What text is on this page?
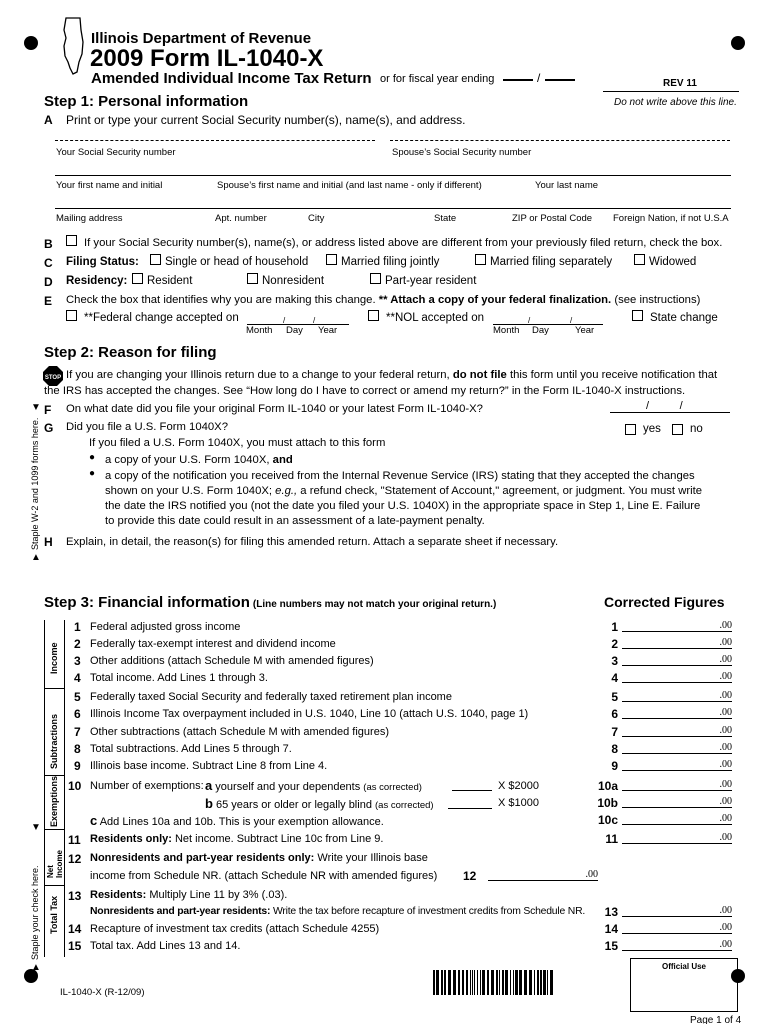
Illinois Department of Revenue
2009 Form IL-1040-X
Amended Individual Income Tax Return or for fiscal year ending	/	REV 11
Do not write above this line.
Step 1: Personal information
A Print or type your current Social Security number(s), name(s), and address.
Your Social Security number	Spouse’s Social Security number
Your first name and initial	Spouse’s first name and initial (and last name - only if different)	Your last name
Mailing address	Apt. number	City	State	ZIP or Postal Code Foreign Nation, if not U.S.A
B	If your Social Security number(s), name(s), or address listed above are different from your previously filed return, check the box.
C Filing Status: Single or head of household	Married filing jointly	Married filing separately	Widowed
D Residency: Resident	Nonresident	Part-year resident
E Check the box that identifies why you are making this change. ** Attach a copy of your federal finalization. (see instructions)
**Federal change accepted on	/	/
Month Day Year
**NOL accepted on	/	/
Month Day	Year
State change
Step 2: Reason for filing
STOP If you are changing your Illinois return due to a change to your federal return, do not file this form until you receive notification that
the IRS has accepted the changes. See “How long do I have to correct or amend my return?” in the Form IL-1040-X instructions.
▼
Staple W-2 and 1099 forms here.
▲
F On what date did you file your original Form IL-1040 or your latest Form IL-1040-X?	/          /
G Did you file a U.S. Form 1040X?	yes	no
If you filed a U.S. Form 1040X, you must attach to this form
● a copy of your U.S. Form 1040X, and
● a copy of the notification you received from the Internal Revenue Service (IRS) stating that they accepted the changes
shown on your U.S. Form 1040X; e.g., a refund check, "Statement of Account," agreement, or judgment. You must write
the date the IRS notified you (not the date you filed your U.S. 1040X) in the appropriate space in Step 1, Line E. Failure
to provide this date could result in an assessment of a late-payment penalty.
H Explain, in detail, the reason(s) for filing this amended return. Attach a separate sheet if necessary.
Step 3: Financial information (Line numbers may not match your original return.)	Corrected Figures
Income
Subtractions
Exemptions
Net Income
Total Tax
▼
Staple your check here.
▲
1 Federal adjusted gross income	1	.00
2 Federally tax-exempt interest and dividend income	2	.00
3 Other additions (attach Schedule M with amended figures)	3	.00
4 Total income. Add Lines 1 through 3.	4	.00
5 Federally taxed Social Security and federally taxed retirement plan income	5	.00
6 Illinois Income Tax overpayment included in U.S. 1040, Line 10 (attach U.S. 1040, page 1)	6	.00
7 Other subtractions (attach Schedule M with amended figures)	7	.00
8 Total subtractions. Add Lines 5 through 7.	8	.00
9 Illinois base income. Subtract Line 8 from Line 4.	9	.00
10 Number of exemptions: a yourself and your dependents (as corrected)	X $2000	10a	.00
b 65 years or older or legally blind (as corrected)	X $1000	10b	.00
c Add Lines 10a and 10b. This is your exemption allowance.	10c	.00
11 Residents only: Net income. Subtract Line 10c from Line 9.	11	.00
12 Nonresidents and part-year residents only: Write your Illinois base
income from Schedule NR. (attach Schedule NR with amended figures) 12	.00
13 Residents: Multiply Line 11 by 3% (.03).
Nonresidents and part-year residents: Write the tax before recapture of investment credits from Schedule NR.	13	.00
14 Recapture of investment tax credits (attach Schedule 4255)	14	.00
15 Total tax. Add Lines 13 and 14.	15	.00
Official Use
IL-1040-X (R-12/09)
Page 1 of 4
